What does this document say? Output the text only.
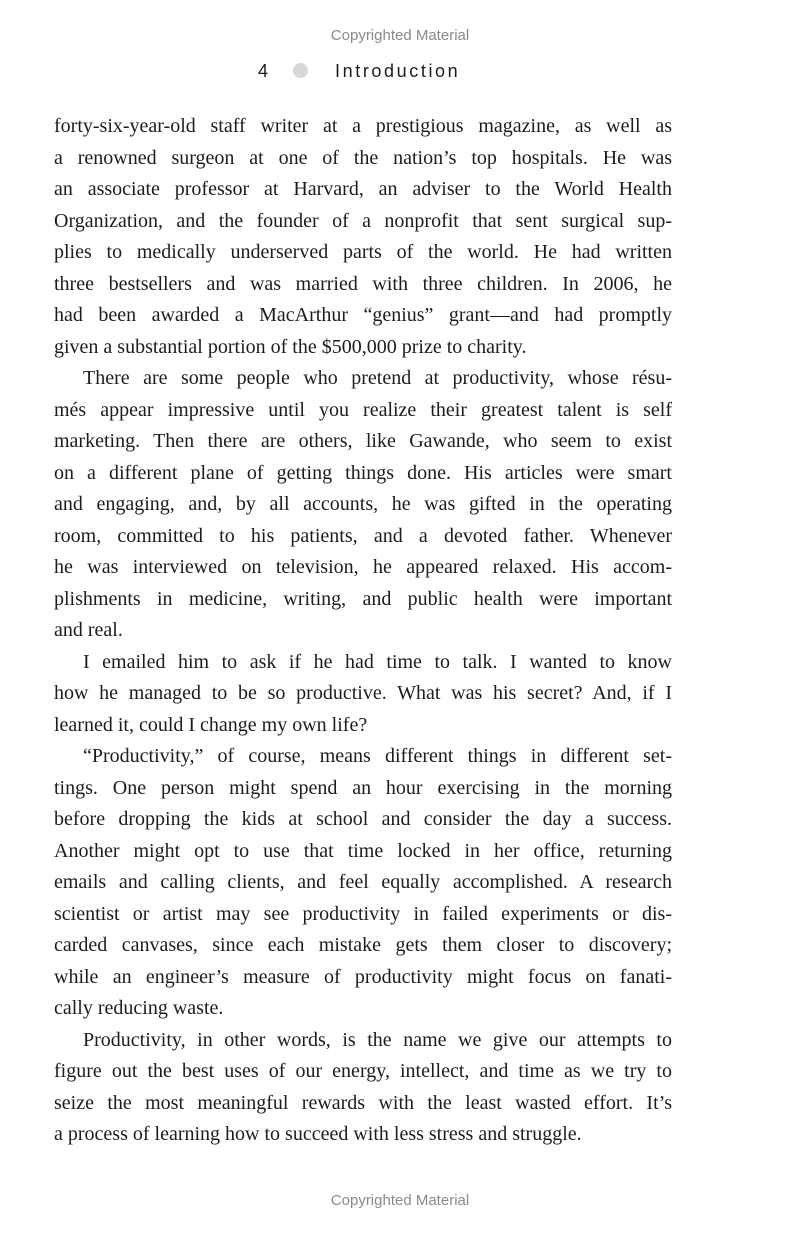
Copyrighted Material
4	Introduction

forty-six-year-old staff writer at a prestigious magazine, as well as
a renowned surgeon at one of the nation’s top hospitals. He was
an associate professor at Harvard, an adviser to the World Health
Organization, and the founder of a nonprofit that sent surgical sup-
plies to medically underserved parts of the world. He had written
three bestsellers and was married with three children. In 2006, he
had been awarded a MacArthur “genius” grant—and had promptly
given a substantial portion of the $500,000 prize to charity.

There are some people who pretend at productivity, whose résu-
més appear impressive until you realize their greatest talent is self
marketing. Then there are others, like Gawande, who seem to exist
on a different plane of getting things done. His articles were smart
and engaging, and, by all accounts, he was gifted in the operating
room, committed to his patients, and a devoted father. Whenever
he was interviewed on television, he appeared relaxed. His accom-
plishments in medicine, writing, and public health were important
and real.

I emailed him to ask if he had time to talk. I wanted to know
how he managed to be so productive. What was his secret? And, if I
learned it, could I change my own life?

“Productivity,” of course, means different things in different set-
tings. One person might spend an hour exercising in the morning
before dropping the kids at school and consider the day a success.
Another might opt to use that time locked in her office, returning
emails and calling clients, and feel equally accomplished. A research
scientist or artist may see productivity in failed experiments or dis-
carded canvases, since each mistake gets them closer to discovery;
while an engineer’s measure of productivity might focus on fanati-
cally reducing waste.

Productivity, in other words, is the name we give our attempts to
figure out the best uses of our energy, intellect, and time as we try to
seize the most meaningful rewards with the least wasted effort. It’s
a process of learning how to succeed with less stress and struggle.

Copyrighted Material
